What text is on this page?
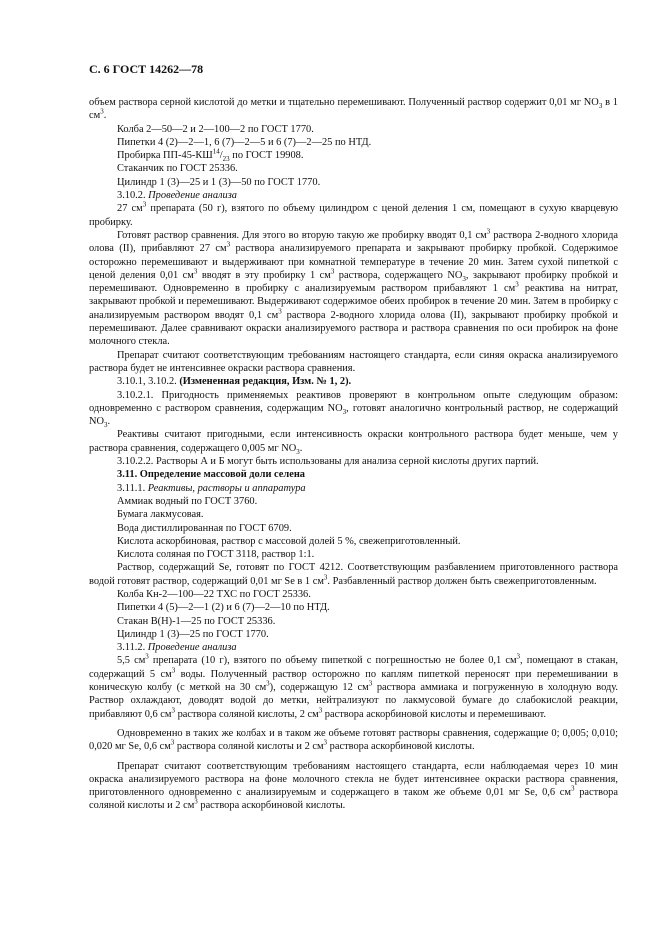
С. 6 ГОСТ 14262—78
объем раствора серной кислотой до метки и тщательно перемешивают. Полученный раствор содержит 0,01 мг $NO_3$ в 1 $см^3$.
Колба 2—50—2 и 2—100—2 по ГОСТ 1770.
Пипетки 4 (2)—2—1, 6 (7)—2—5 и 6 (7)—2—25 по НТД.
Пробирка $ПП-45-КШ^{14}/_{23}$ по ГОСТ 19908.
Стаканчик по ГОСТ 25336.
Цилиндр 1 (3)—25 и 1 (3)—50 по ГОСТ 1770.
3.10.2. Проведение анализа
27 $см^3$ препарата (50 г), взятого по объему цилиндром с ценой деления 1 см, помещают в сухую кварцевую пробирку.
Готовят раствор сравнения. Для этого во вторую такую же пробирку вводят 0,1 $см^3$ раствора 2-водного хлорида олова (II), прибавляют 27 $см^3$ раствора анализируемого препарата и закрывают пробирку пробкой. Содержимое осторожно перемешивают и выдерживают при комнатной температуре в течение 20 мин. Затем сухой пипеткой с ценой деления 0,01 $см^3$ вводят в эту пробирку 1 $см^3$ раствора, содержащего $NO_3$, закрывают пробирку пробкой и перемешивают. Одновременно в пробирку с анализируемым раствором прибавляют 1 $см^3$ реактива на нитрат, закрывают пробкой и перемешивают. Выдерживают содержимое обеих пробирок в течение 20 мин. Затем в пробирку с анализируемым раствором вводят 0,1 $см^3$ раствора 2-водного хлорида олова (II), закрывают пробирку пробкой и перемешивают. Далее сравнивают окраски анализируемого раствора и раствора сравнения по оси пробирок на фоне молочного стекла.
Препарат считают соответствующим требованиям настоящего стандарта, если синяя окраска анализируемого раствора будет не интенсивнее окраски раствора сравнения.
3.10.1, 3.10.2. (Измененная редакция, Изм. № 1, 2).
3.10.2.1. Пригодность применяемых реактивов проверяют в контрольном опыте следующим образом: одновременно с раствором сравнения, содержащим $NO_3$, готовят аналогично контрольный раствор, не содержащий $NO_3$.
Реактивы считают пригодными, если интенсивность окраски контрольного раствора будет меньше, чем у раствора сравнения, содержащего 0,005 мг $NO_3$.
3.10.2.2. Растворы А и Б могут быть использованы для анализа серной кислоты других партий.
3.11. Определение массовой доли селена
3.11.1. Реактивы, растворы и аппаратура
Аммиак водный по ГОСТ 3760.
Бумага лакмусовая.
Вода дистиллированная по ГОСТ 6709.
Кислота аскорбиновая, раствор с массовой долей 5 %, свежеприготовленный.
Кислота соляная по ГОСТ 3118, раствор 1:1.
Раствор, содержащий Se, готовят по ГОСТ 4212. Соответствующим разбавлением приготовленного раствора водой готовят раствор, содержащий 0,01 мг Se в 1 $см^3$. Разбавленный раствор должен быть свежеприготовленным.
Колба Кн-2—100—22 ТХС по ГОСТ 25336.
Пипетки 4 (5)—2—1 (2) и 6 (7)—2—10 по НТД.
Стакан В(Н)-1—25 по ГОСТ 25336.
Цилиндр 1 (3)—25 по ГОСТ 1770.
3.11.2. Проведение анализа
5,5 $см^3$ препарата (10 г), взятого по объему пипеткой с погрешностью не более 0,1 $см^3$, помещают в стакан, содержащий 5 $см^3$ воды. Полученный раствор осторожно по каплям пипеткой переносят при перемешивании в коническую колбу (с меткой на 30 $см^3$), содержащую 12 $см^3$ раствора аммиака и погруженную в холодную воду. Раствор охлаждают, доводят водой до метки, нейтрализуют по лакмусовой бумаге до слабокислой реакции, прибавляют 0,6 $см^3$ раствора соляной кислоты, 2 $см^3$ раствора аскорбиновой кислоты и перемешивают.
Одновременно в таких же колбах и в таком же объеме готовят растворы сравнения, содержащие 0; 0,005; 0,010; 0,020 мг Se, 0,6 $см^3$ раствора соляной кислоты и 2 $см^3$ раствора аскорбиновой кислоты.
Препарат считают соответствующим требованиям настоящего стандарта, если наблюдаемая через 10 мин окраска анализируемого раствора на фоне молочного стекла не будет интенсивнее окраски раствора сравнения, приготовленного одновременно с анализируемым и содержащего в таком же объеме 0,01 мг Se, 0,6 $см^3$ раствора соляной кислоты и 2 $см^3$ раствора аскорбиновой кислоты.
